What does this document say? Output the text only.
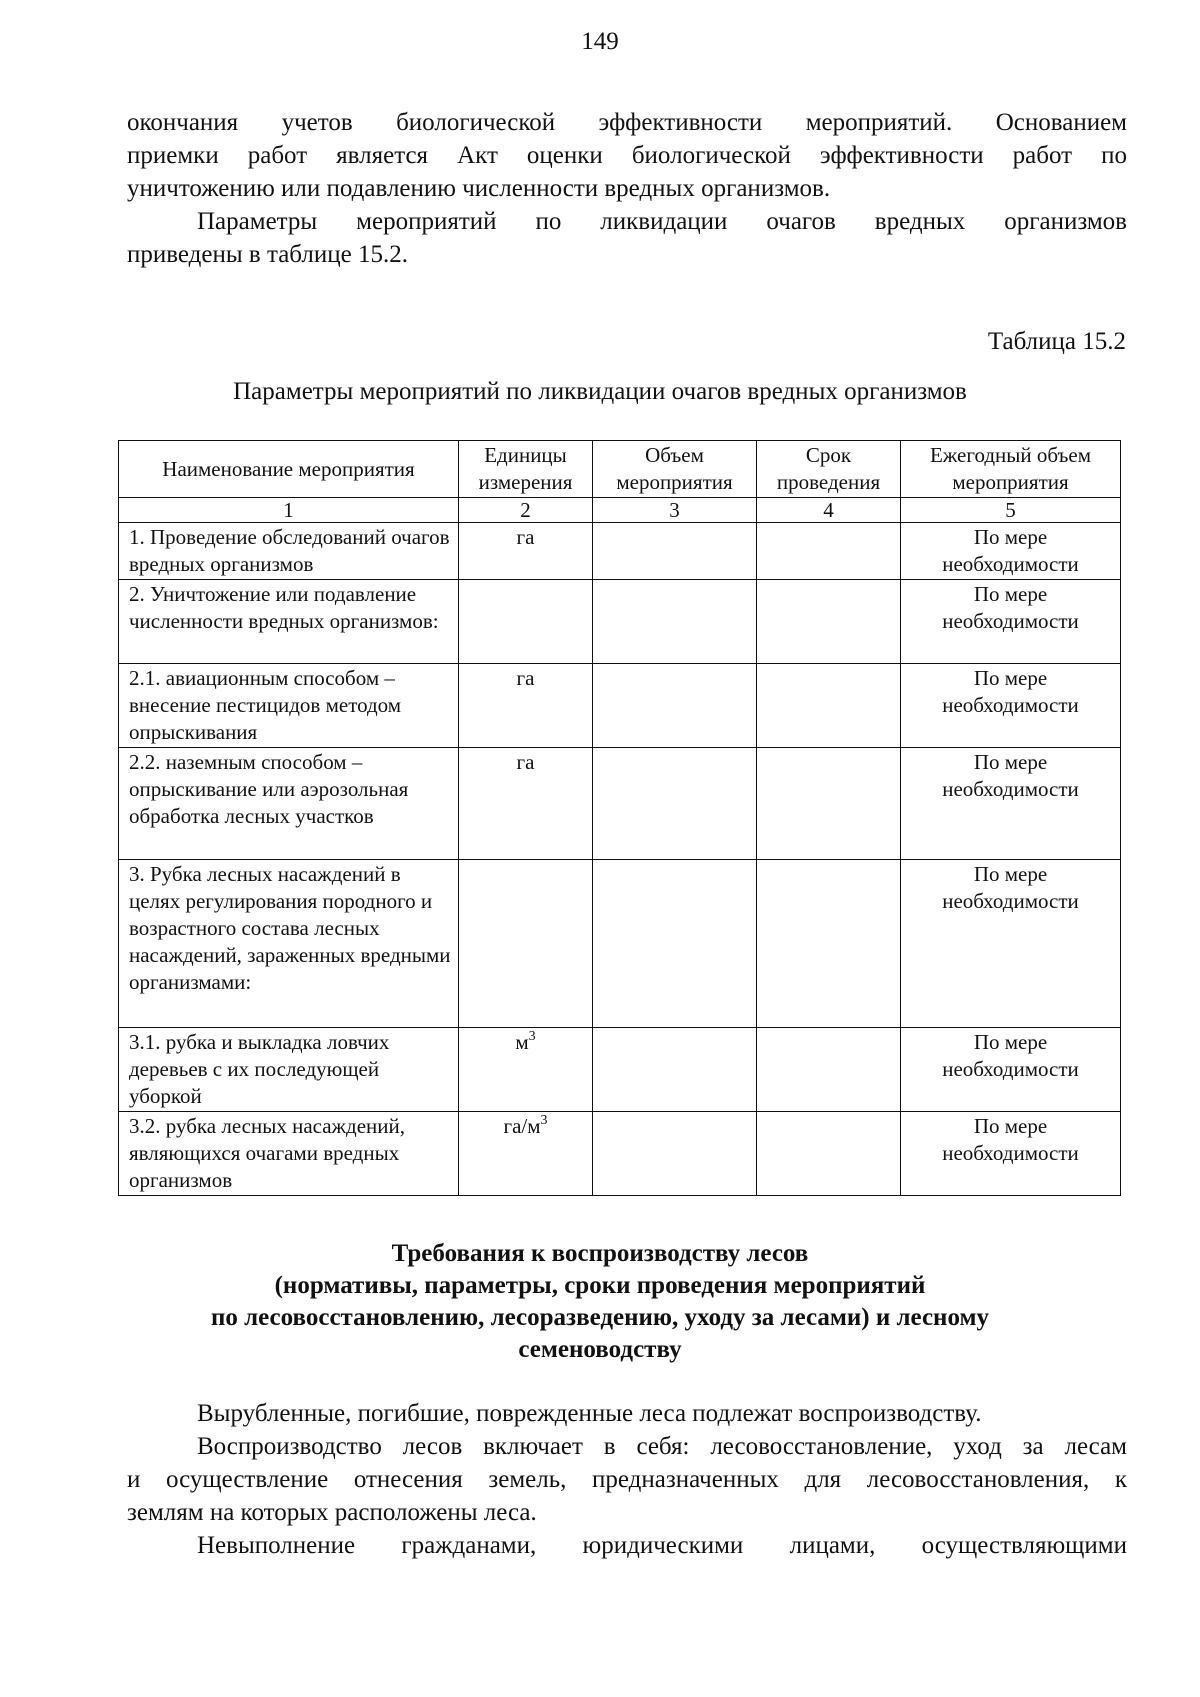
149

окончания учетов биологической эффективности мероприятий. Основанием
приемки работ является Акт оценки биологической эффективности работ по
уничтожению или подавлению численности вредных организмов.

Параметры мероприятий по ликвидации очагов вредных организмов
приведены в таблице 15.2.

Таблица 15.2
Параметры мероприятий по ликвидации очагов вредных организмов
Наименование мероприятия	Единицы измерения	Объем мероприятия	Срок проведения	Ежегодный объем мероприятия
1	2	3	4	5
1. Проведение обследований очагов вредных организмов	га			По мере необходимости
2. Уничтожение или подавление численности вредных организмов:				По мере необходимости
2.1. авиационным способом – внесение пестицидов методом опрыскивания	га			По мере необходимости
2.2. наземным способом – опрыскивание или аэрозольная обработка лесных участков	га			По мере необходимости
3. Рубка лесных насаждений в целях регулирования породного и возрастного состава лесных насаждений, зараженных вредными организмами:				По мере необходимости
3.1. рубка и выкладка ловчих деревьев с их последующей уборкой	$м^3$			По мере необходимости
3.2. рубка лесных насаждений, являющихся очагами вредных организмов	$га/м^3$			По мере необходимости
Требования к воспроизводству лесов
(нормативы, параметры, сроки проведения мероприятий
по лесовосстановлению, лесоразведению, уходу за лесами) и лесному
семеноводству

Вырубленные, погибшие, поврежденные леса подлежат воспроизводству.

Воспроизводство лесов включает в себя: лесовосстановление, уход за лесам
и осуществление отнесения земель, предназначенных для лесовосстановления, к
землям на которых расположены леса.

Невыполнение гражданами, юридическими лицами, осуществляющими
